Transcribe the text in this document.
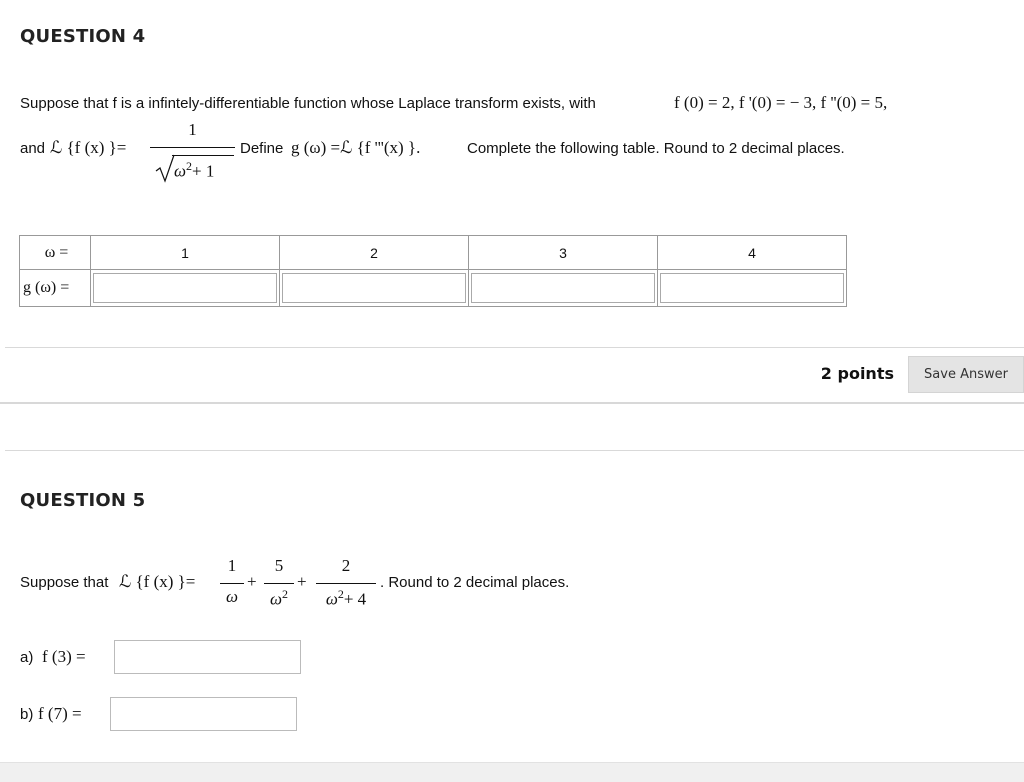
QUESTION 4
Suppose that f is a infintely-differentiable function whose Laplace transform exists, with	f (0) = 2, f '(0) = − 3, f ''(0) = 5,
and ℒ {f (x) }=
1
$\omega^2+ 1$
Define g (ω) =ℒ {f '''(x) }.	Complete the following table. Round to 2 decimal places.
ω =	1	2	3	4
g (ω) =				
2 points	Save Answer
QUESTION 5
Suppose that ℒ {f (x) }=
1
ω
+
5
$\omega^2$
+
2
$\omega^2+ 4$
. Round to 2 decimal places.
a) f (3) =
b) f (7) =
